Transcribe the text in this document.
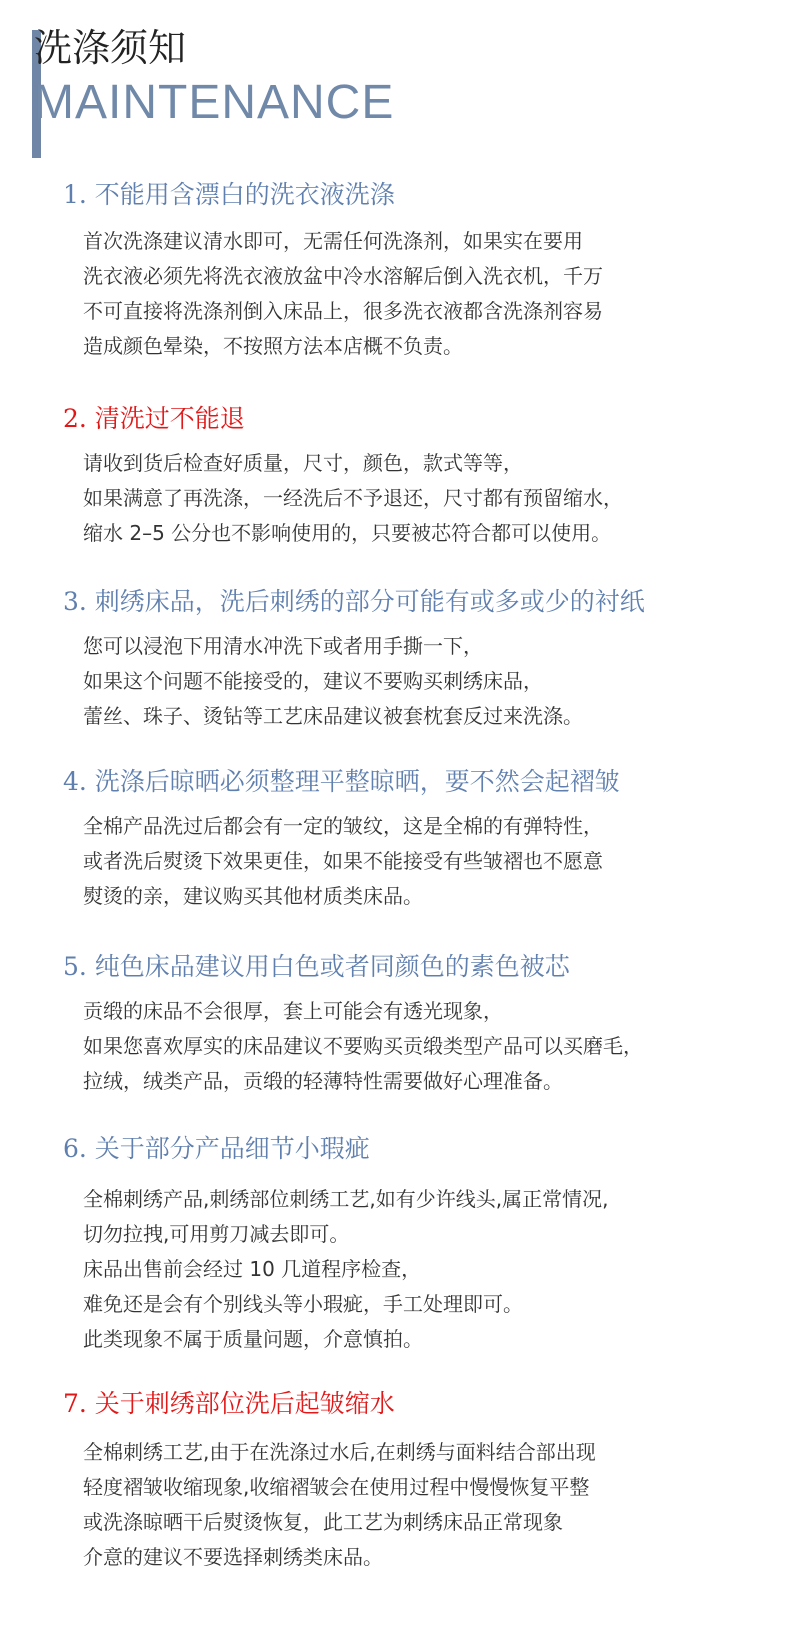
洗涤须知
MAINTENANCE
1. 不能用含漂白的洗衣液洗涤
首次洗涤建议清水即可，无需任何洗涤剂，如果实在要用
洗衣液必须先将洗衣液放盆中冷水溶解后倒入洗衣机，千万
不可直接将洗涤剂倒入床品上，很多洗衣液都含洗涤剂容易
造成颜色晕染，不按照方法本店概不负责。
2. 清洗过不能退
请收到货后检查好质量，尺寸，颜色，款式等等，
如果满意了再洗涤，一经洗后不予退还，尺寸都有预留缩水，
缩水 2–5 公分也不影响使用的，只要被芯符合都可以使用。
3. 刺绣床品，洗后刺绣的部分可能有或多或少的衬纸
您可以浸泡下用清水冲洗下或者用手撕一下，
如果这个问题不能接受的，建议不要购买刺绣床品，
蕾丝、珠子、烫钻等工艺床品建议被套枕套反过来洗涤。
4. 洗涤后晾晒必须整理平整晾晒，要不然会起褶皱
全棉产品洗过后都会有一定的皱纹，这是全棉的有弹特性，
或者洗后熨烫下效果更佳，如果不能接受有些皱褶也不愿意
熨烫的亲，建议购买其他材质类床品。
5. 纯色床品建议用白色或者同颜色的素色被芯
贡缎的床品不会很厚，套上可能会有透光现象，
如果您喜欢厚实的床品建议不要购买贡缎类型产品可以买磨毛，
拉绒，绒类产品，贡缎的轻薄特性需要做好心理准备。
6. 关于部分产品细节小瑕疵
全棉刺绣产品,刺绣部位刺绣工艺,如有少许线头,属正常情况,
切勿拉拽,可用剪刀减去即可。
床品出售前会经过 10 几道程序检查，
难免还是会有个别线头等小瑕疵，手工处理即可。
此类现象不属于质量问题，介意慎拍。
7. 关于刺绣部位洗后起皱缩水
全棉刺绣工艺,由于在洗涤过水后,在刺绣与面料结合部出现
轻度褶皱收缩现象,收缩褶皱会在使用过程中慢慢恢复平整
或洗涤晾晒干后熨烫恢复，此工艺为刺绣床品正常现象
介意的建议不要选择刺绣类床品。
